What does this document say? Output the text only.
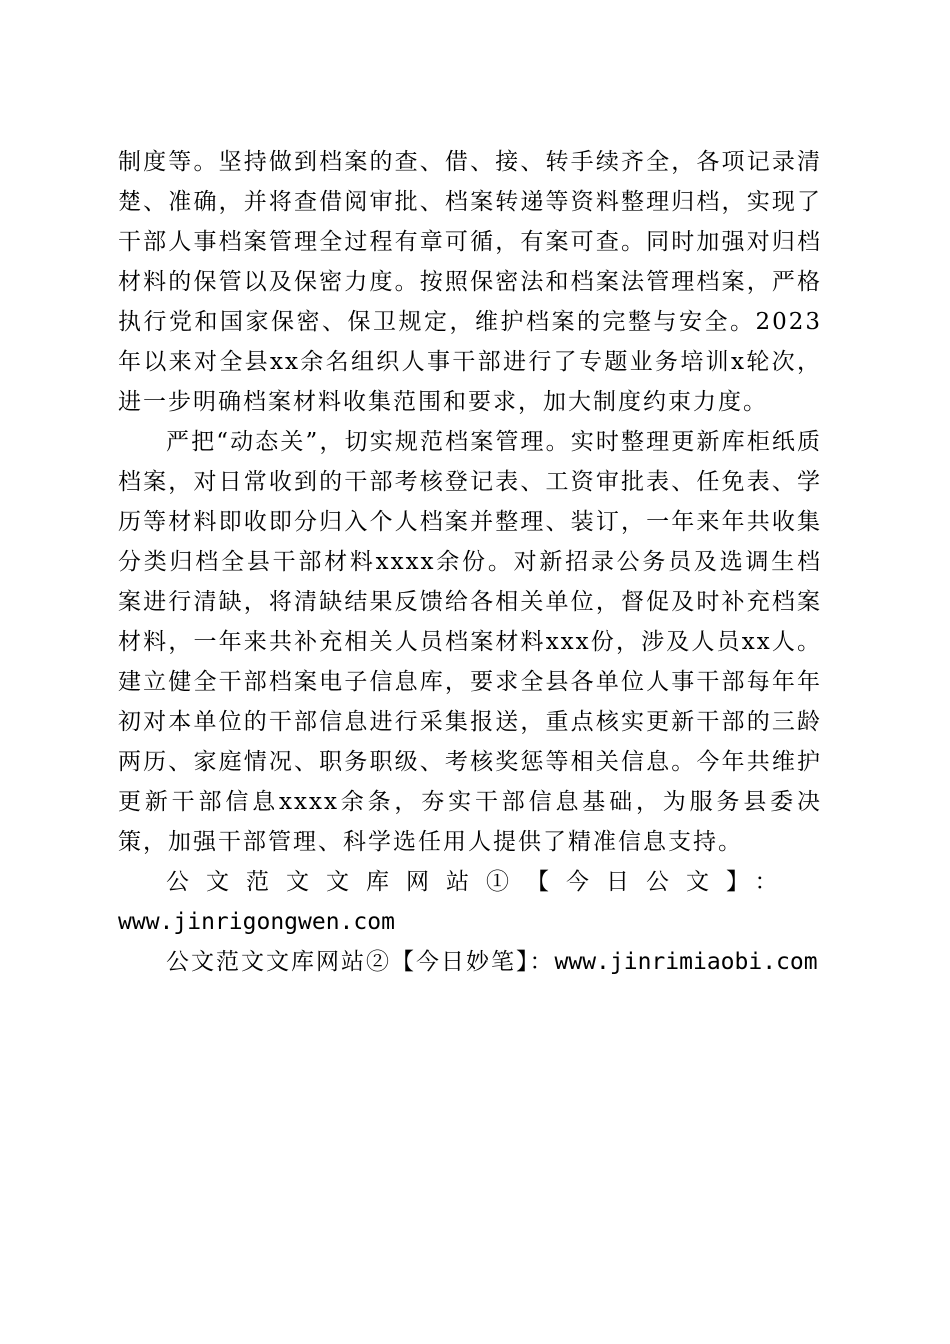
制度等。坚持做到档案的查、借、接、转手续齐全，各项记录清楚、准确，并将查借阅审批、档案转递等资料整理归档，实现了干部人事档案管理全过程有章可循，有案可查。同时加强对归档材料的保管以及保密力度。按照保密法和档案法管理档案，严格执行党和国家保密、保卫规定，维护档案的完整与安全。2023年以来对全县xx余名组织人事干部进行了专题业务培训x轮次，进一步明确档案材料收集范围和要求，加大制度约束力度。

严把“动态关”，切实规范档案管理。实时整理更新库柜纸质档案，对日常收到的干部考核登记表、工资审批表、任免表、学历等材料即收即分归入个人档案并整理、装订，一年来年共收集分类归档全县干部材料xxxx余份。对新招录公务员及选调生档案进行清缺，将清缺结果反馈给各相关单位，督促及时补充档案材料，一年来共补充相关人员档案材料xxx份，涉及人员xx人。建立健全干部档案电子信息库，要求全县各单位人事干部每年年初对本单位的干部信息进行采集报送，重点核实更新干部的三龄两历、家庭情况、职务职级、考核奖惩等相关信息。今年共维护更新干部信息xxxx余条，夯实干部信息基础，为服务县委决策，加强干部管理、科学选任用人提供了精准信息支持。

公文范文文库网站①【今日公文】：
www.jinrigongwen.com

公文范文文库网站②【今日妙笔】：www.jinrimiaobi.com
